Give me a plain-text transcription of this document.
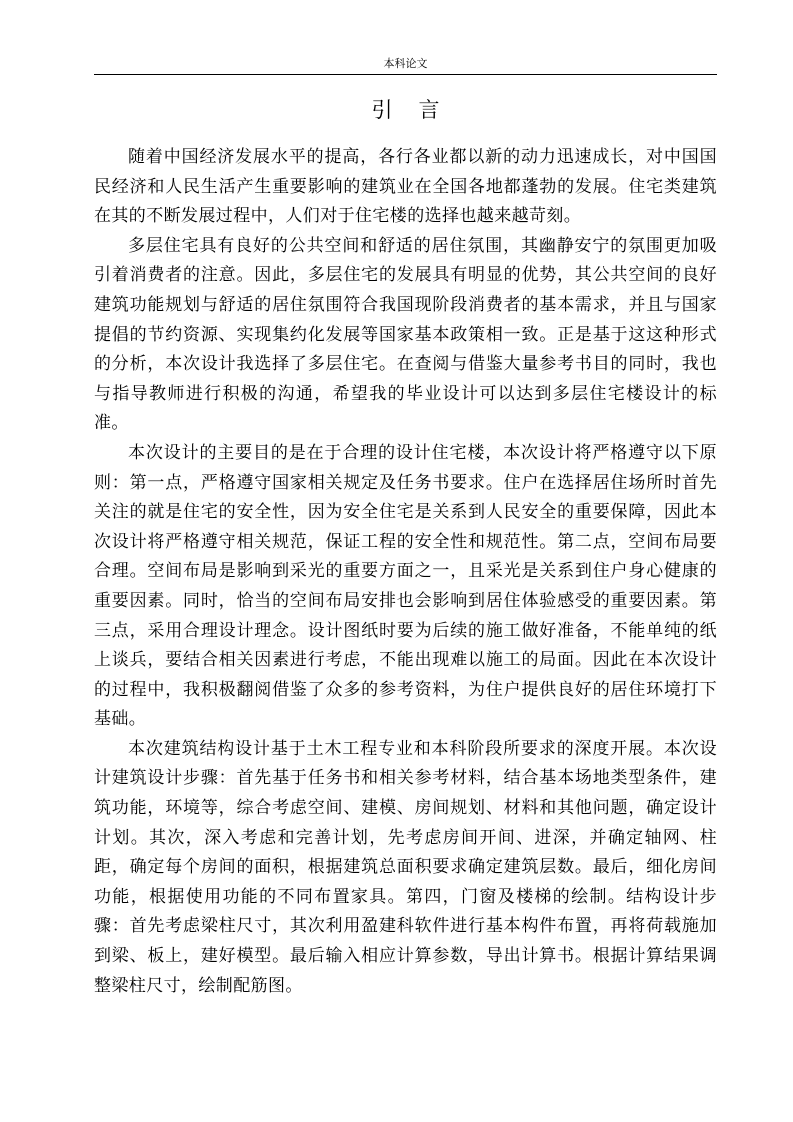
本科论文
引言

随着中国经济发展水平的提高，各行各业都以新的动力迅速成长，对中国国民经济和人民生活产生重要影响的建筑业在全国各地都蓬勃的发展。住宅类建筑在其的不断发展过程中，人们对于住宅楼的选择也越来越苛刻。

多层住宅具有良好的公共空间和舒适的居住氛围，其幽静安宁的氛围更加吸引着消费者的注意。因此，多层住宅的发展具有明显的优势，其公共空间的良好建筑功能规划与舒适的居住氛围符合我国现阶段消费者的基本需求，并且与国家提倡的节约资源、实现集约化发展等国家基本政策相一致。正是基于这这种形式的分析，本次设计我选择了多层住宅。在查阅与借鉴大量参考书目的同时，我也与指导教师进行积极的沟通，希望我的毕业设计可以达到多层住宅楼设计的标准。

本次设计的主要目的是在于合理的设计住宅楼，本次设计将严格遵守以下原则：第一点，严格遵守国家相关规定及任务书要求。住户在选择居住场所时首先关注的就是住宅的安全性，因为安全住宅是关系到人民安全的重要保障，因此本次设计将严格遵守相关规范，保证工程的安全性和规范性。第二点，空间布局要合理。空间布局是影响到采光的重要方面之一，且采光是关系到住户身心健康的重要因素。同时，恰当的空间布局安排也会影响到居住体验感受的重要因素。第三点，采用合理设计理念。设计图纸时要为后续的施工做好准备，不能单纯的纸上谈兵，要结合相关因素进行考虑，不能出现难以施工的局面。因此在本次设计的过程中，我积极翻阅借鉴了众多的参考资料，为住户提供良好的居住环境打下基础。

本次建筑结构设计基于土木工程专业和本科阶段所要求的深度开展。本次设计建筑设计步骤：首先基于任务书和相关参考材料，结合基本场地类型条件，建筑功能，环境等，综合考虑空间、建模、房间规划、材料和其他问题，确定设计计划。其次，深入考虑和完善计划，先考虑房间开间、进深，并确定轴网、柱距，确定每个房间的面积，根据建筑总面积要求确定建筑层数。最后，细化房间功能，根据使用功能的不同布置家具。第四，门窗及楼梯的绘制。结构设计步骤：首先考虑梁柱尺寸，其次利用盈建科软件进行基本构件布置，再将荷载施加到梁、板上，建好模型。最后输入相应计算参数，导出计算书。根据计算结果调整梁柱尺寸，绘制配筋图。
